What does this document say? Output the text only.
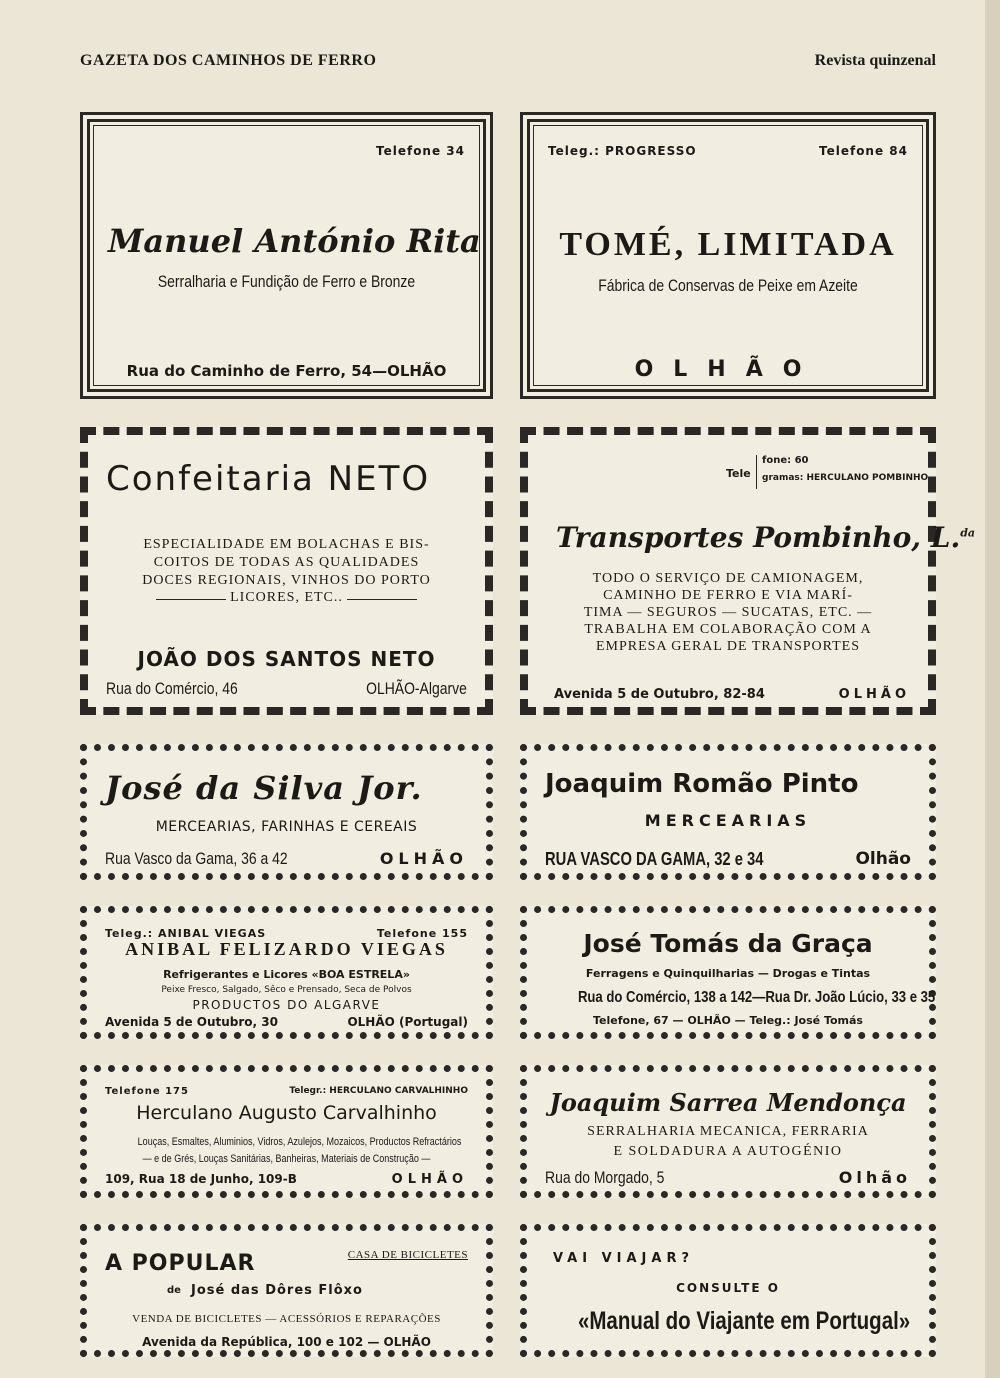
GAZETA DOS CAMINHOS DE FERRO	Revista quinzenal
Telefone 34
Manuel António Rita
Serralharia e Fundição de Ferro e Bronze
Rua do Caminho de Ferro, 54—OLHÃO
Teleg.: PROGRESSO	Telefone 84
TOMÉ, LIMITADA
Fábrica de Conservas de Peixe em Azeite
OLHÃO
Confeitaria NETO
ESPECIALIDADE EM BOLACHAS E BIS-
COITOS DE TODAS AS QUALIDADES
DOCES REGIONAIS, VINHOS DO PORTO
LICORES, ETC..
JOÃO DOS SANTOS NETO
Rua do Comércio, 46	OLHÃO-Algarve
Tele
fone: 60
gramas: HERCULANO POMBINHO
Transportes Pombinho, L.$^{da}$
TODO O SERVIÇO DE CAMIONAGEM,
CAMINHO DE FERRO E VIA MARÍ-
TIMA — SEGUROS — SUCATAS, ETC. —
TRABALHA EM COLABORAÇÃO COM A
EMPRESA GERAL DE TRANSPORTES
Avenida 5 de Outubro, 82-84	OLHÃO
José da Silva Jor.
MERCEARIAS, FARINHAS E CEREAIS
Rua Vasco da Gama, 36 a 42	OLHÃO
Joaquim Romão Pinto
MERCEARIAS
RUA VASCO DA GAMA, 32 e 34	Olhão
Teleg.: ANIBAL VIEGAS	Telefone 155
ANIBAL FELIZARDO VIEGAS
Refrigerantes e Licores «BOA ESTRELA»
Peixe Fresco, Salgado, Sêco e Prensado, Seca de Polvos
PRODUCTOS DO ALGARVE
Avenida 5 de Outubro, 30	OLHÃO (Portugal)
José Tomás da Graça
Ferragens e Quinquilharias — Drogas e Tintas
Rua do Comércio, 138 a 142—Rua Dr. João Lúcio, 33 e 35
Telefone, 67 — OLHÃO — Teleg.: José Tomás
Telefone 175	Telegr.: HERCULANO CARVALHINHO
Herculano Augusto Carvalhinho
Louças, Esmaltes, Aluminios, Vidros, Azulejos, Mozaicos, Productos Refractários
— e de Grés, Louças Sanitárias, Banheiras, Materiais de Construção —
109, Rua 18 de Junho, 109-B	OLHÃO
Joaquim Sarrea Mendonça
SERRALHARIA MECANICA, FERRARIA
E SOLDADURA A AUTOGÉNIO
Rua do Morgado, 5	Olhão
A POPULAR	CASA DE BICICLETES
de José das Dôres Flôxo
VENDA DE BICICLETES — ACESSÓRIOS E REPARAÇÕES
Avenida da República, 100 e 102 — OLHÃO
VAI VIAJAR?
CONSULTE O
«Manual do Viajante em Portugal»
